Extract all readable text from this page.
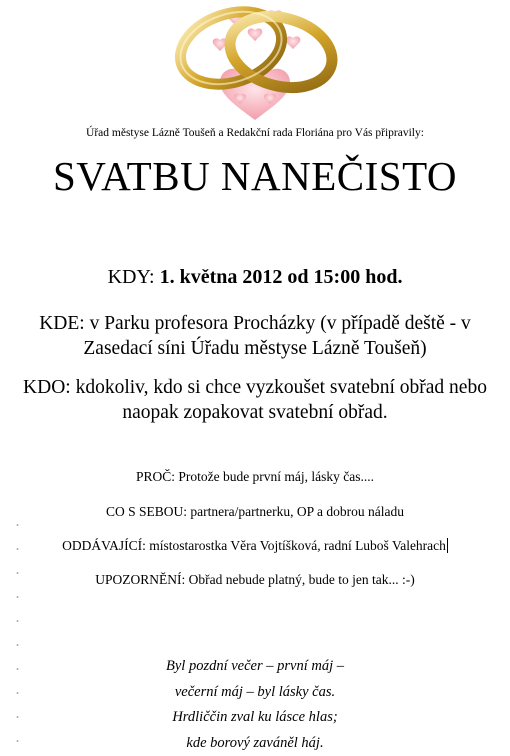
Úřad městyse Lázně Toušeň a Redakční rada Floriána pro Vás připravily:
SVATBU NANEČISTO
KDY: 1. května 2012 od 15:00 hod.
KDE: v Parku profesora Procházky (v případě deště - v
Zasedací síni Úřadu městyse Lázně Toušeň)
KDO: kdokoliv, kdo si chce vyzkoušet svatební obřad nebo
naopak zopakovat svatební obřad.
PROČ: Protože bude první máj, lásky čas....
CO S SEBOU: partnera/partnerku, OP a dobrou náladu
ODDÁVAJÍCÍ: místostarostka Věra Vojtíšková, radní Luboš Valehrach
UPOZORNĚNÍ: Obřad nebude platný, bude to jen tak... :-)
Byl pozdní večer – první máj –
večerní máj – byl lásky čas.
Hrdliččin zval ku lásce hlas;
kde borový zaváněl háj.
